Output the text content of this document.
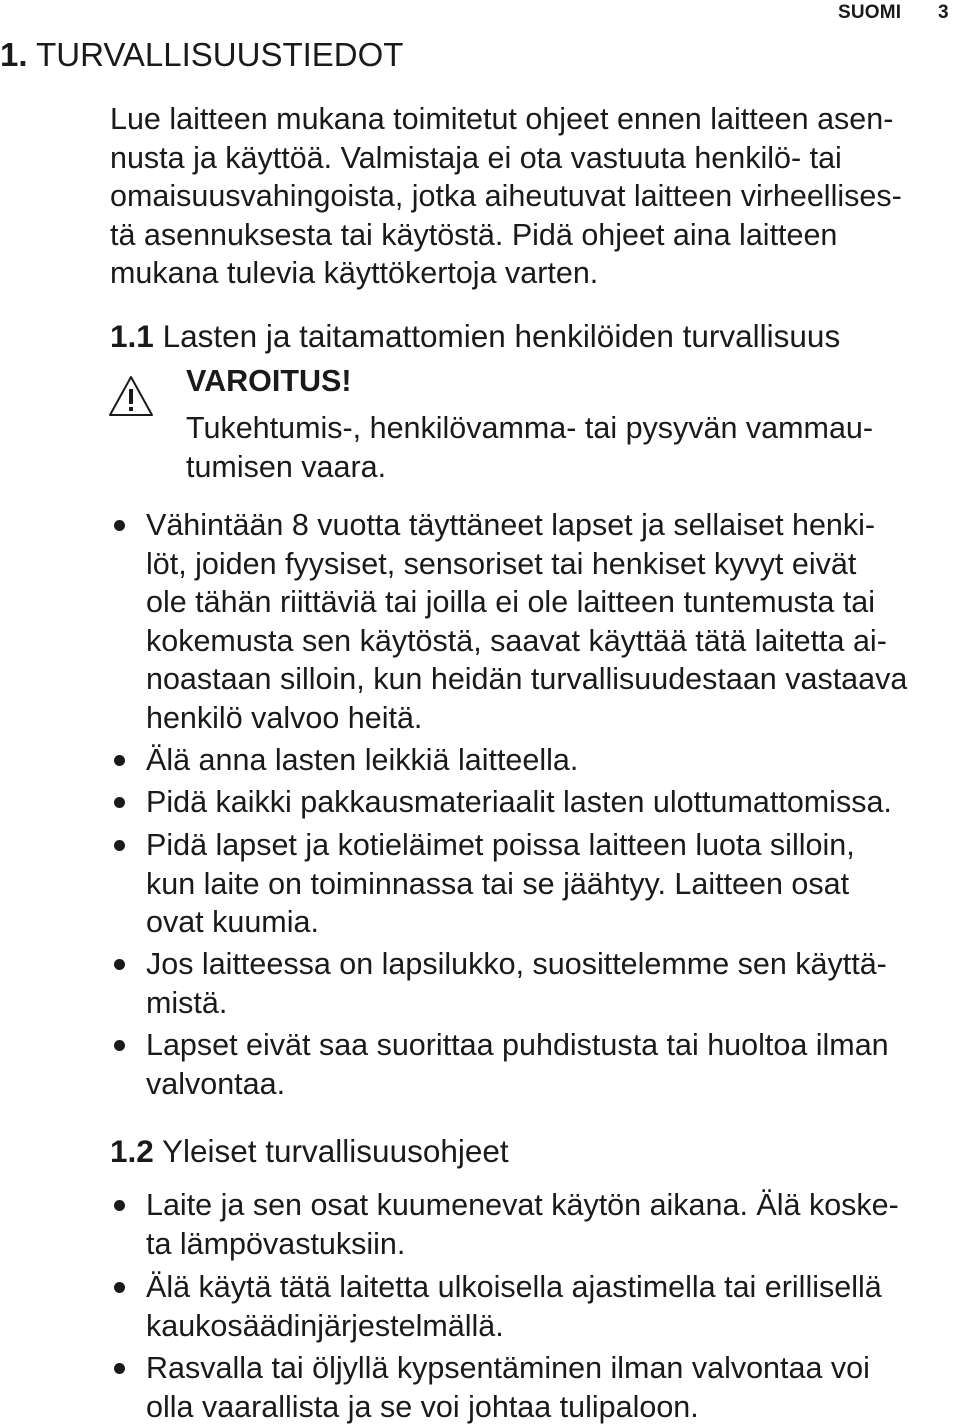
SUOMI 3
1. TURVALLISUUSTIEDOT
Lue laitteen mukana toimitetut ohjeet ennen laitteen asen-
nusta ja käyttöä. Valmistaja ei ota vastuuta henkilö- tai
omaisuusvahingoista, jotka aiheutuvat laitteen virheellises-
tä asennuksesta tai käytöstä. Pidä ohjeet aina laitteen
mukana tulevia käyttökertoja varten.
1.1 Lasten ja taitamattomien henkilöiden turvallisuus
VAROITUS!
Tukehtumis-, henkilövamma- tai pysyvän vammau-
tumisen vaara.
Vähintään 8 vuotta täyttäneet lapset ja sellaiset henki-
löt, joiden fyysiset, sensoriset tai henkiset kyvyt eivät
ole tähän riittäviä tai joilla ei ole laitteen tuntemusta tai
kokemusta sen käytöstä, saavat käyttää tätä laitetta ai-
noastaan silloin, kun heidän turvallisuudestaan vastaava
henkilö valvoo heitä.
Älä anna lasten leikkiä laitteella.
Pidä kaikki pakkausmateriaalit lasten ulottumattomissa.
Pidä lapset ja kotieläimet poissa laitteen luota silloin,
kun laite on toiminnassa tai se jäähtyy. Laitteen osat
ovat kuumia.
Jos laitteessa on lapsilukko, suosittelemme sen käyttä-
mistä.
Lapset eivät saa suorittaa puhdistusta tai huoltoa ilman
valvontaa.
1.2 Yleiset turvallisuusohjeet
Laite ja sen osat kuumenevat käytön aikana. Älä koske-
ta lämpövastuksiin.
Älä käytä tätä laitetta ulkoisella ajastimella tai erillisellä
kaukosäädinjärjestelmällä.
Rasvalla tai öljyllä kypsentäminen ilman valvontaa voi
olla vaarallista ja se voi johtaa tulipaloon.
